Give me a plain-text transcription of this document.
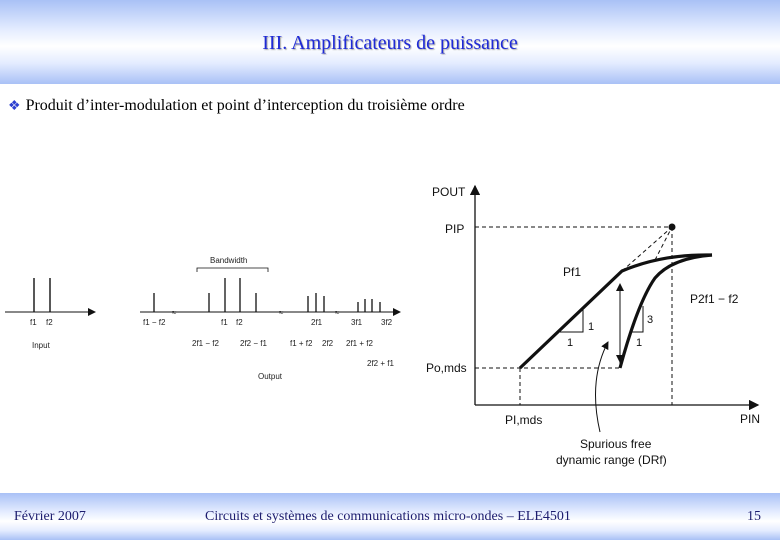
III. Amplificateurs de puissance
❖ Produit d’inter-modulation et point d’interception du troisième ordre
f1 f2
Input
≈	≈	≈
Bandwidth
f1 − f2	f1 f2	2f1	3f1 3f2
2f1 − f2	2f2 − f1	f1 + f2 2f2 2f1 + f2
2f2 + f1
Output
POUT
PIN
PIP
Po,mds
PI,mds
1
1
3
1
Pf1
P2f1 − f2
Spurious free
dynamic range (DRf)
Février 2007	Circuits et systèmes de communications micro-ondes – ELE4501	15
